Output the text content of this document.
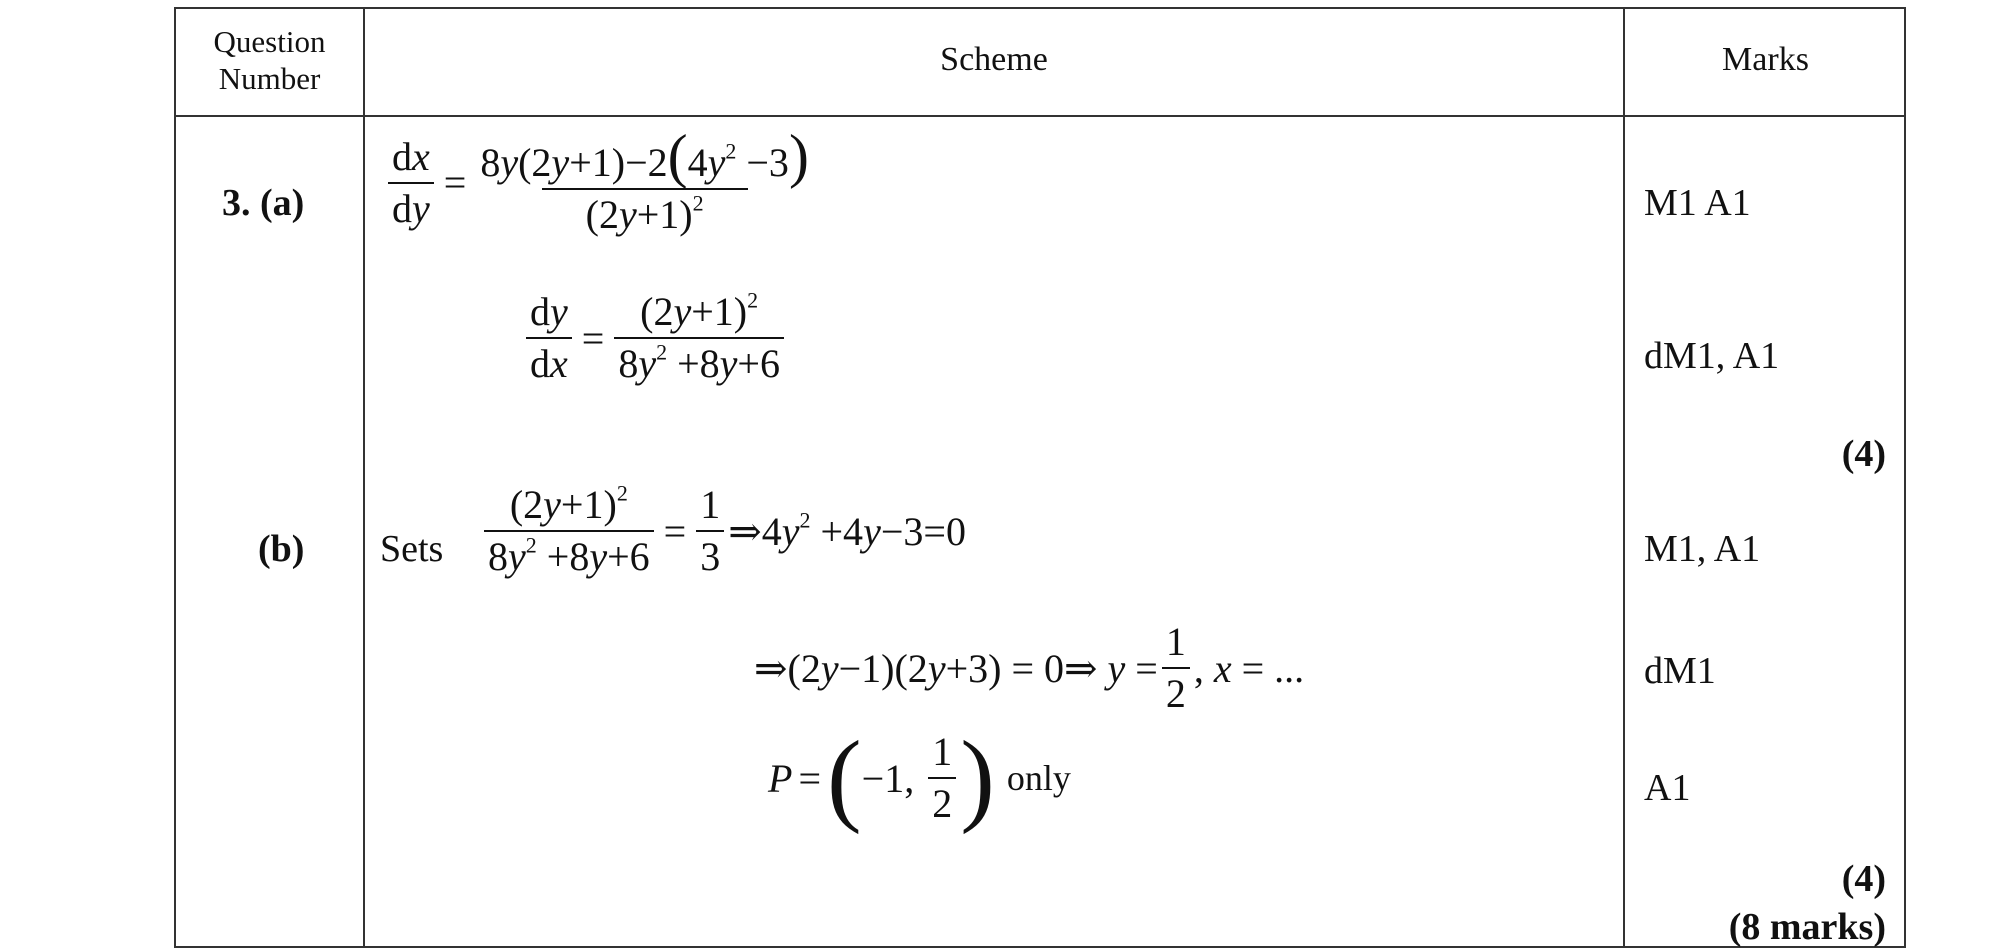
Question
Number
Scheme	Marks
3. $(a) \frac{dx}{dy} = \frac{8y(2y+1)-2(4y^2 -3)}{(2y+1)^2}$
$\frac{dy}{dx} = \frac{(2y+1)^2}{8y^2 +8y+6}$
M1 A1
dM1, A1
(4)
(b) Sets $\frac{(2y+1)^2}{8y^2 +8y+6} = \frac{1}{3}$ $\Rightarrow 4y^2 +4y-3=0$
⇒(2y−1)(2y+3) = 0⇒ $y = \frac{1}{2}$ , x = ...
P = ( −1, $\frac{1}{2}$ ) only
M1, A1
dM1
A1
(4)
(8 marks)
